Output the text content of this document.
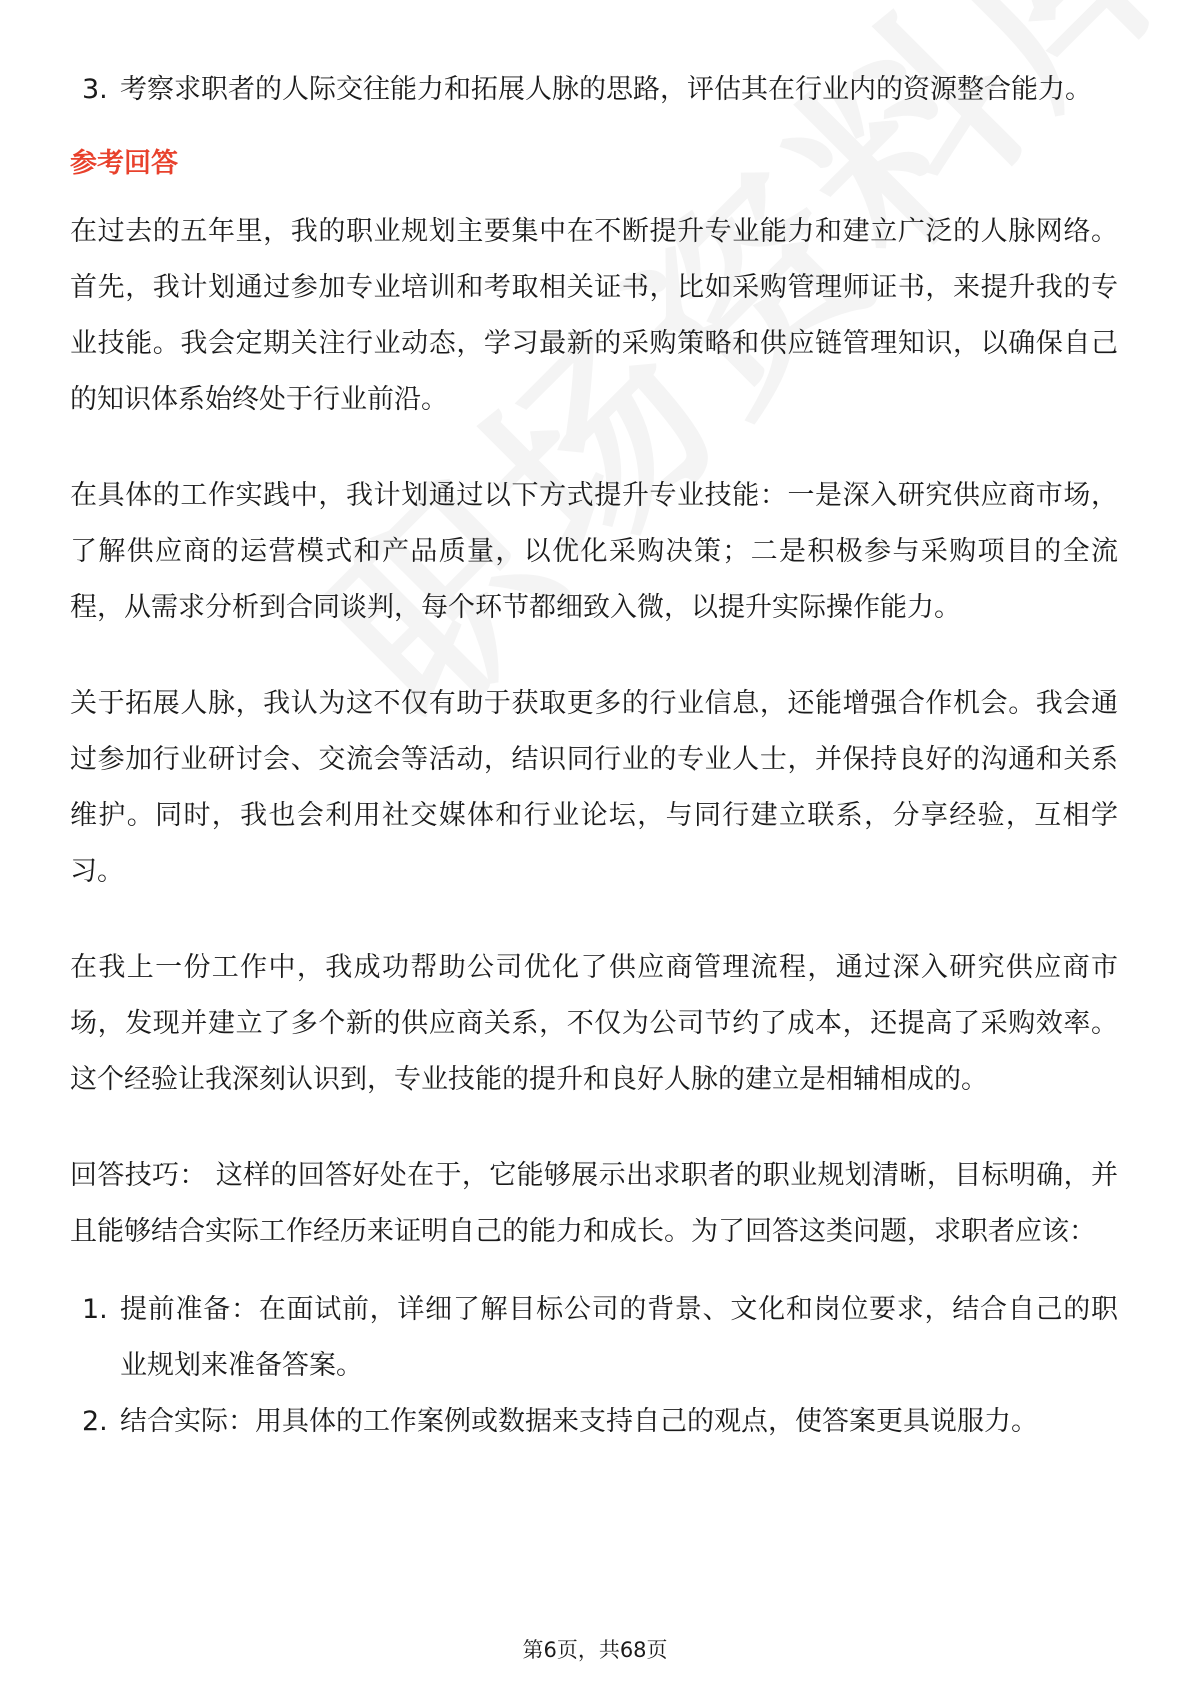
3. 考察求职者的人际交往能力和拓展人脉的思路，评估其在行业内的资源整合能力。
参考回答

在过去的五年里，我的职业规划主要集中在不断提升专业能力和建立广泛的人脉网络。首先，我计划通过参加专业培训和考取相关证书，比如采购管理师证书，来提升我的专业技能。我会定期关注行业动态，学习最新的采购策略和供应链管理知识，以确保自己的知识体系始终处于行业前沿。

在具体的工作实践中，我计划通过以下方式提升专业技能：一是深入研究供应商市场，了解供应商的运营模式和产品质量，以优化采购决策；二是积极参与采购项目的全流程，从需求分析到合同谈判，每个环节都细致入微，以提升实际操作能力。

关于拓展人脉，我认为这不仅有助于获取更多的行业信息，还能增强合作机会。我会通过参加行业研讨会、交流会等活动，结识同行业的专业人士，并保持良好的沟通和关系维护。同时，我也会利用社交媒体和行业论坛，与同行建立联系，分享经验，互相学习。

在我上一份工作中，我成功帮助公司优化了供应商管理流程，通过深入研究供应商市场，发现并建立了多个新的供应商关系，不仅为公司节约了成本，还提高了采购效率。这个经验让我深刻认识到，专业技能的提升和良好人脉的建立是相辅相成的。

回答技巧： 这样的回答好处在于，它能够展示出求职者的职业规划清晰，目标明确，并且能够结合实际工作经历来证明自己的能力和成长。为了回答这类问题，求职者应该：

1. 提前准备：在面试前，详细了解目标公司的背景、文化和岗位要求，结合自己的职业规划来准备答案。
2. 结合实际：用具体的工作案例或数据来支持自己的观点，使答案更具说服力。
第6页，共68页
